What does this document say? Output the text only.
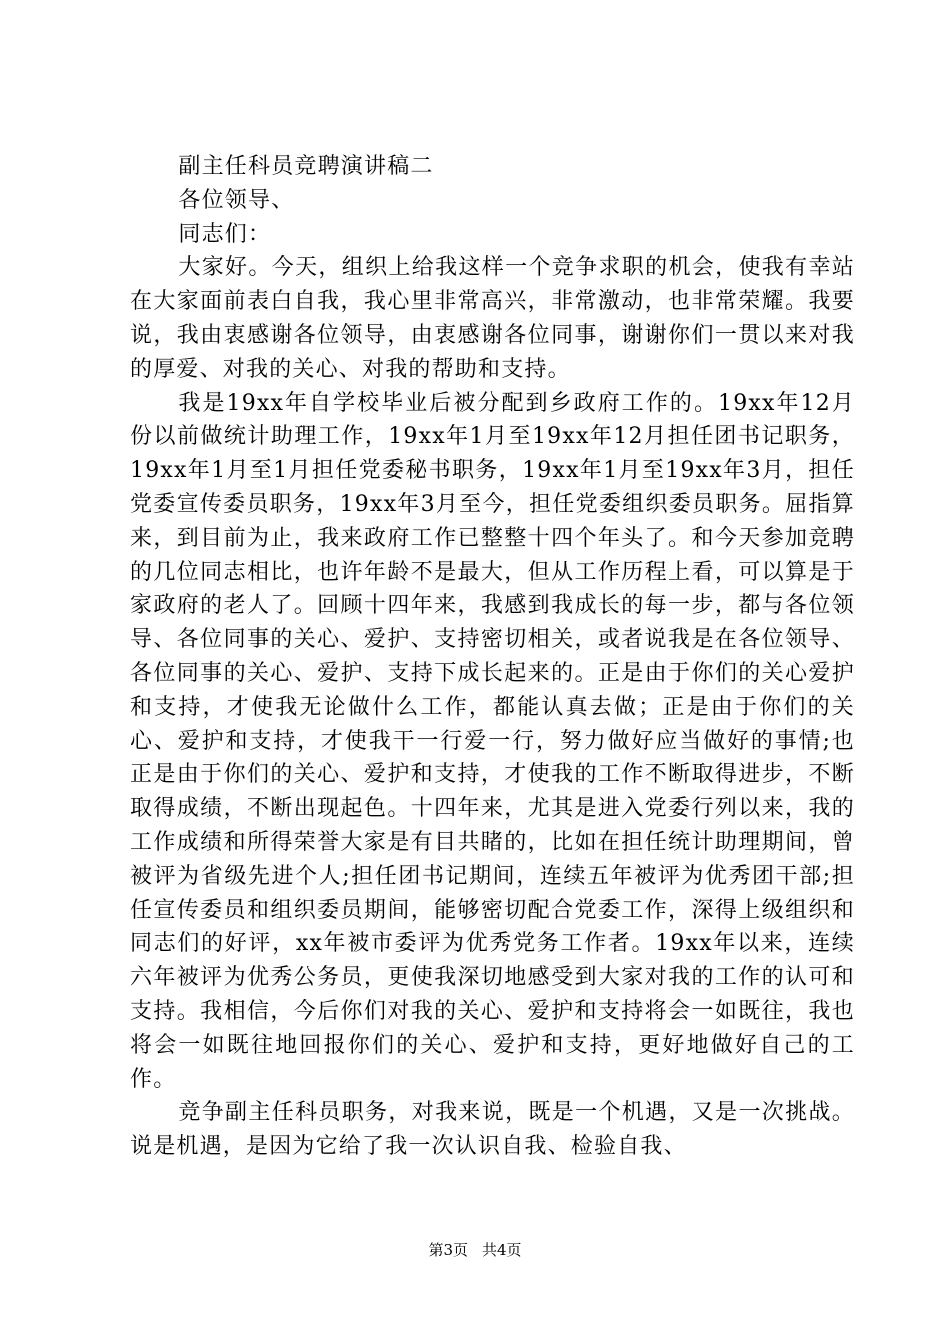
副主任科员竞聘演讲稿二

各位领导、

同志们：

大家好。今天，组织上给我这样一个竞争求职的机会，使我有幸站在大家面前表白自我，我心里非常高兴，非常激动，也非常荣耀。我要说，我由衷感谢各位领导，由衷感谢各位同事，谢谢你们一贯以来对我的厚爱、对我的关心、对我的帮助和支持。

我是19xx年自学校毕业后被分配到乡政府工作的。19xx年12月份以前做统计助理工作，19xx年1月至19xx年12月担任团书记职务，19xx年1月至1月担任党委秘书职务，19xx年1月至19xx年3月，担任党委宣传委员职务，19xx年3月至今，担任党委组织委员职务。屈指算来，到目前为止，我来政府工作已整整十四个年头了。和今天参加竞聘的几位同志相比，也许年龄不是最大，但从工作历程上看，可以算是于家政府的老人了。回顾十四年来，我感到我成长的每一步，都与各位领导、各位同事的关心、爱护、支持密切相关，或者说我是在各位领导、各位同事的关心、爱护、支持下成长起来的。正是由于你们的关心爱护和支持，才使我无论做什么工作，都能认真去做；正是由于你们的关心、爱护和支持，才使我干一行爱一行，努力做好应当做好的事情;也正是由于你们的关心、爱护和支持，才使我的工作不断取得进步，不断取得成绩，不断出现起色。十四年来，尤其是进入党委行列以来，我的工作成绩和所得荣誉大家是有目共睹的，比如在担任统计助理期间，曾被评为省级先进个人;担任团书记期间，连续五年被评为优秀团干部;担任宣传委员和组织委员期间，能够密切配合党委工作，深得上级组织和同志们的好评，xx年被市委评为优秀党务工作者。19xx年以来，连续六年被评为优秀公务员，更使我深切地感受到大家对我的工作的认可和支持。我相信，今后你们对我的关心、爱护和支持将会一如既往，我也将会一如既往地回报你们的关心、爱护和支持，更好地做好自己的工作。

竞争副主任科员职务，对我来说，既是一个机遇，又是一次挑战。说是机遇，是因为它给了我一次认识自我、检验自我、

第3页 共4页
